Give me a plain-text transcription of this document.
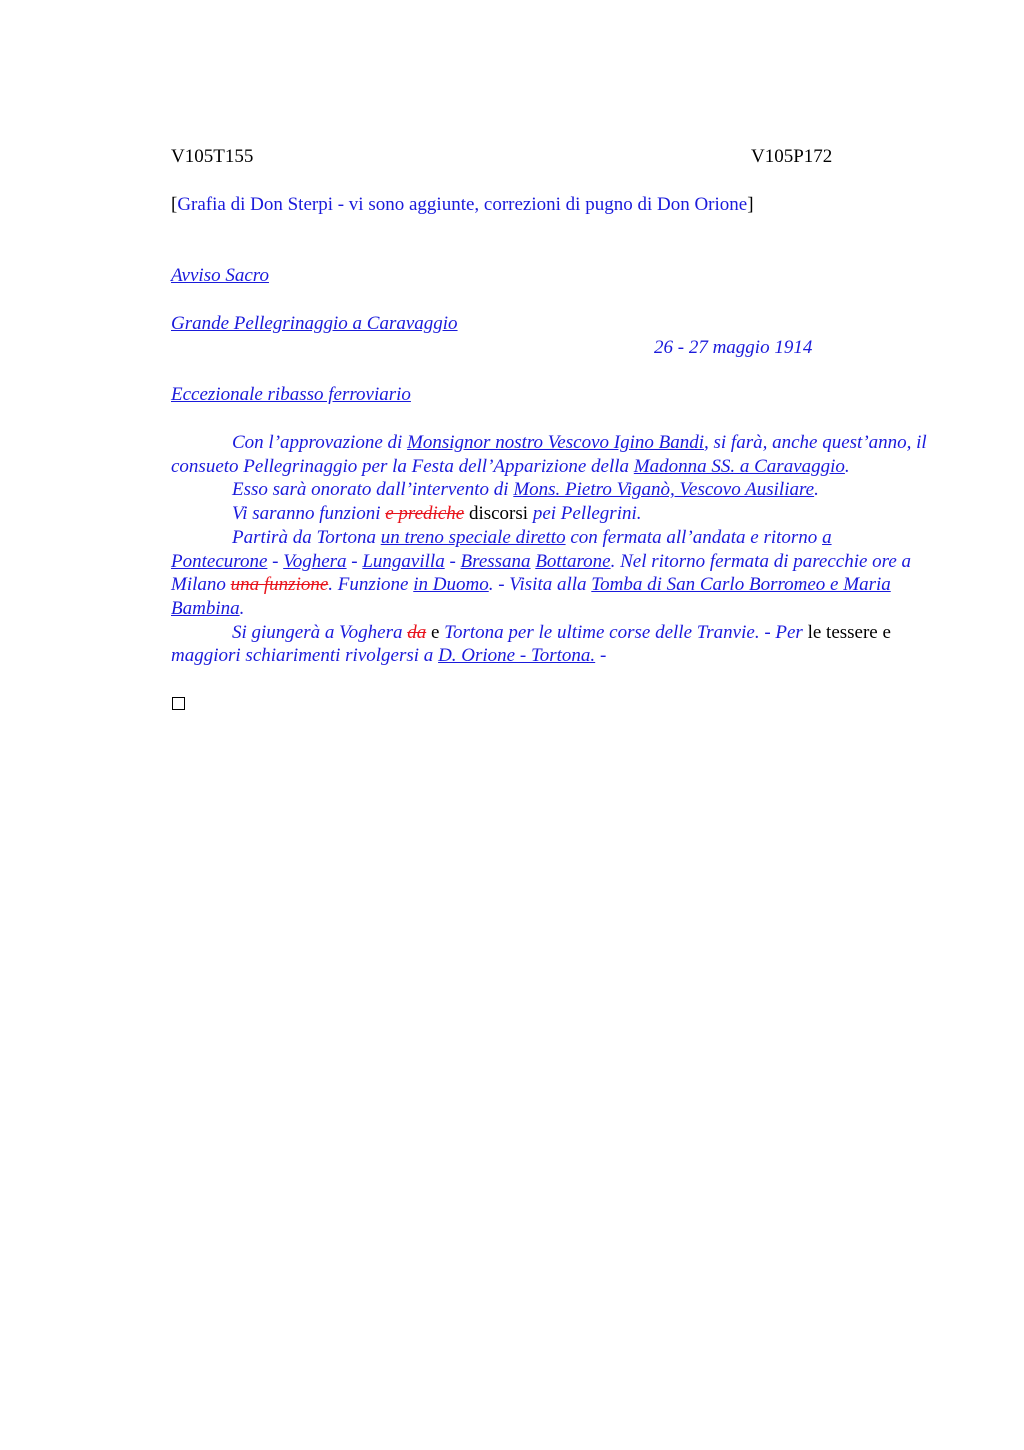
V105T155	V105P172
[Grafia di Don Sterpi - vi sono aggiunte, correzioni di pugno di Don Orione]
Avviso Sacro
Grande Pellegrinaggio a Caravaggio
26 - 27 maggio 1914
Eccezionale ribasso ferroviario

Con l’approvazione di Monsignor nostro Vescovo Igino Bandi, si farà, anche quest’anno, il consueto Pellegrinaggio per la Festa dell’Apparizione della Madonna SS. a Caravaggio.

Esso sarà onorato dall’intervento di Mons. Pietro Viganò, Vescovo Ausiliare.

Vi saranno funzioni e prediche discorsi pei Pellegrini.

Partirà da Tortona un treno speciale diretto con fermata all’andata e ritorno a Pontecurone - Voghera - Lungavilla - Bressana Bottarone. Nel ritorno fermata di parecchie ore a Milano una funzione. Funzione in Duomo. - Visita alla Tomba di San Carlo Borromeo e Maria Bambina.

Si giungerà a Voghera da e Tortona per le ultime corse delle Tranvie. - Per le tessere e maggiori schiarimenti rivolgersi a D. Orione - Tortona. -
